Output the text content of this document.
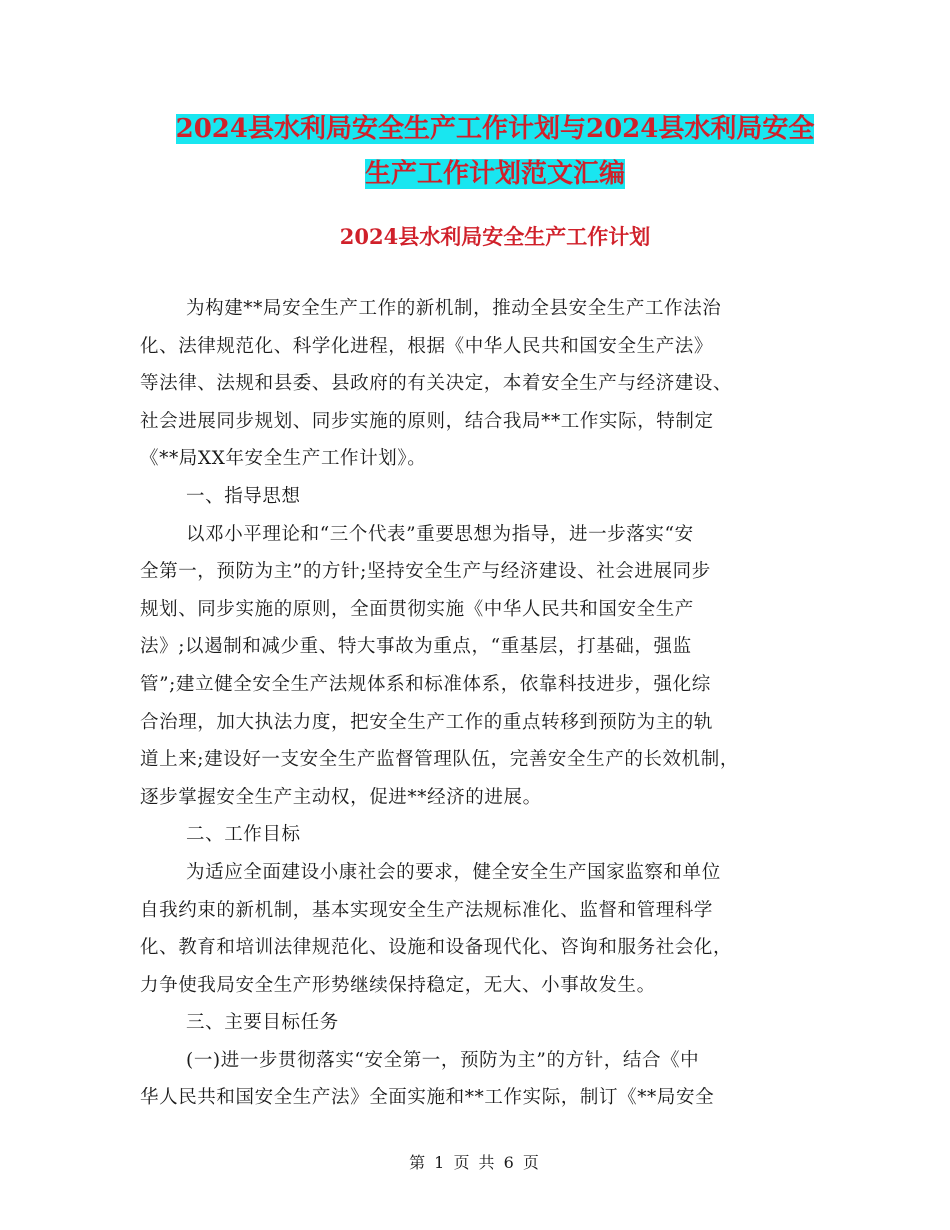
2024县水利局安全生产工作计划与2024县水利局安全
生产工作计划范文汇编
2024县水利局安全生产工作计划
为构建**局安全生产工作的新机制，推动全县安全生产工作法治
化、法律规范化、科学化进程，根据《中华人民共和国安全生产法》
等法律、法规和县委、县政府的有关决定，本着安全生产与经济建设、
社会进展同步规划、同步实施的原则，结合我局**工作实际，特制定
《**局XX年安全生产工作计划》。
一、指导思想
以邓小平理论和“三个代表”重要思想为指导，进一步落实“安
全第一，预防为主”的方针;坚持安全生产与经济建设、社会进展同步
规划、同步实施的原则，全面贯彻实施《中华人民共和国安全生产
法》;以遏制和减少重、特大事故为重点，“重基层，打基础，强监
管”;建立健全安全生产法规体系和标准体系，依靠科技进步，强化综
合治理，加大执法力度，把安全生产工作的重点转移到预防为主的轨
道上来;建设好一支安全生产监督管理队伍，完善安全生产的长效机制，
逐步掌握安全生产主动权，促进**经济的进展。
二、工作目标
为适应全面建设小康社会的要求，健全安全生产国家监察和单位
自我约束的新机制，基本实现安全生产法规标准化、监督和管理科学
化、教育和培训法律规范化、设施和设备现代化、咨询和服务社会化，
力争使我局安全生产形势继续保持稳定，无大、小事故发生。
三、主要目标任务
(一)进一步贯彻落实“安全第一，预防为主”的方针，结合《中
华人民共和国安全生产法》全面实施和**工作实际，制订《**局安全
第 1 页 共 6 页
